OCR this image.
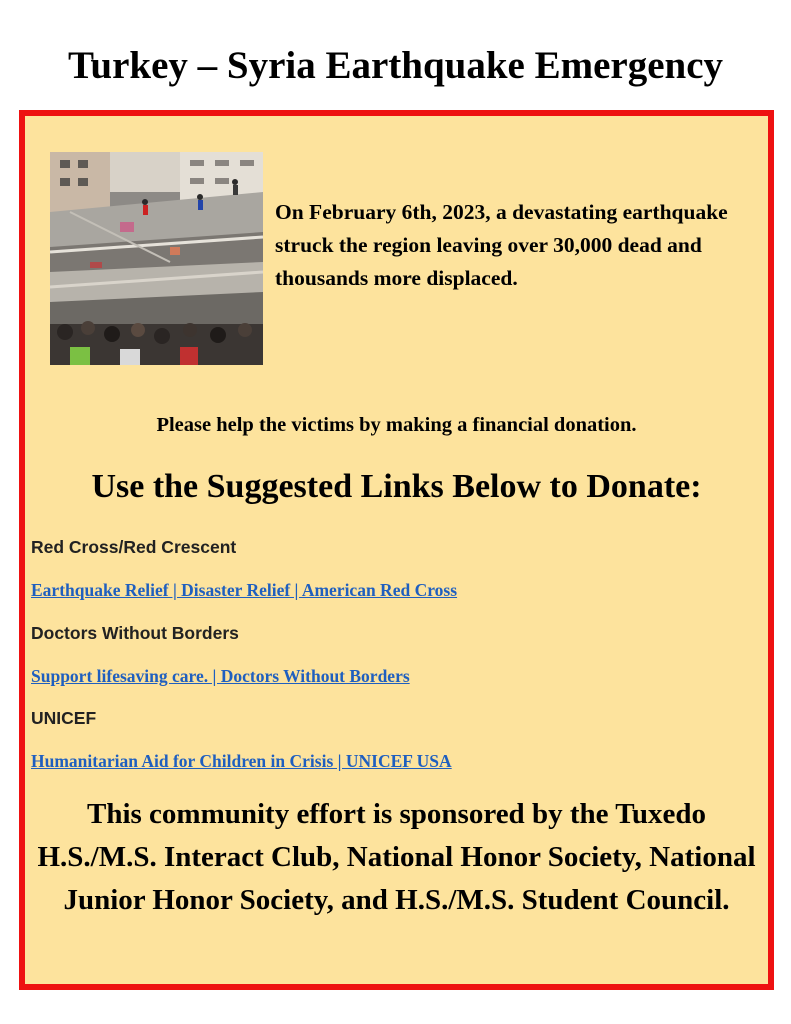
Turkey – Syria Earthquake Emergency

On February 6th, 2023, a devastating earthquake struck the region leaving over 30,000 dead and thousands more displaced.

Please help the victims by making a financial donation.

Use the Suggested Links Below to Donate:
Red Cross/Red Crescent
Earthquake Relief | Disaster Relief | American Red Cross
Doctors Without Borders
Support lifesaving care. | Doctors Without Borders
UNICEF
Humanitarian Aid for Children in Crisis | UNICEF USA

This community effort is sponsored by the Tuxedo H.S./M.S. Interact Club, National Honor Society, National Junior Honor Society, and H.S./M.S. Student Council.
